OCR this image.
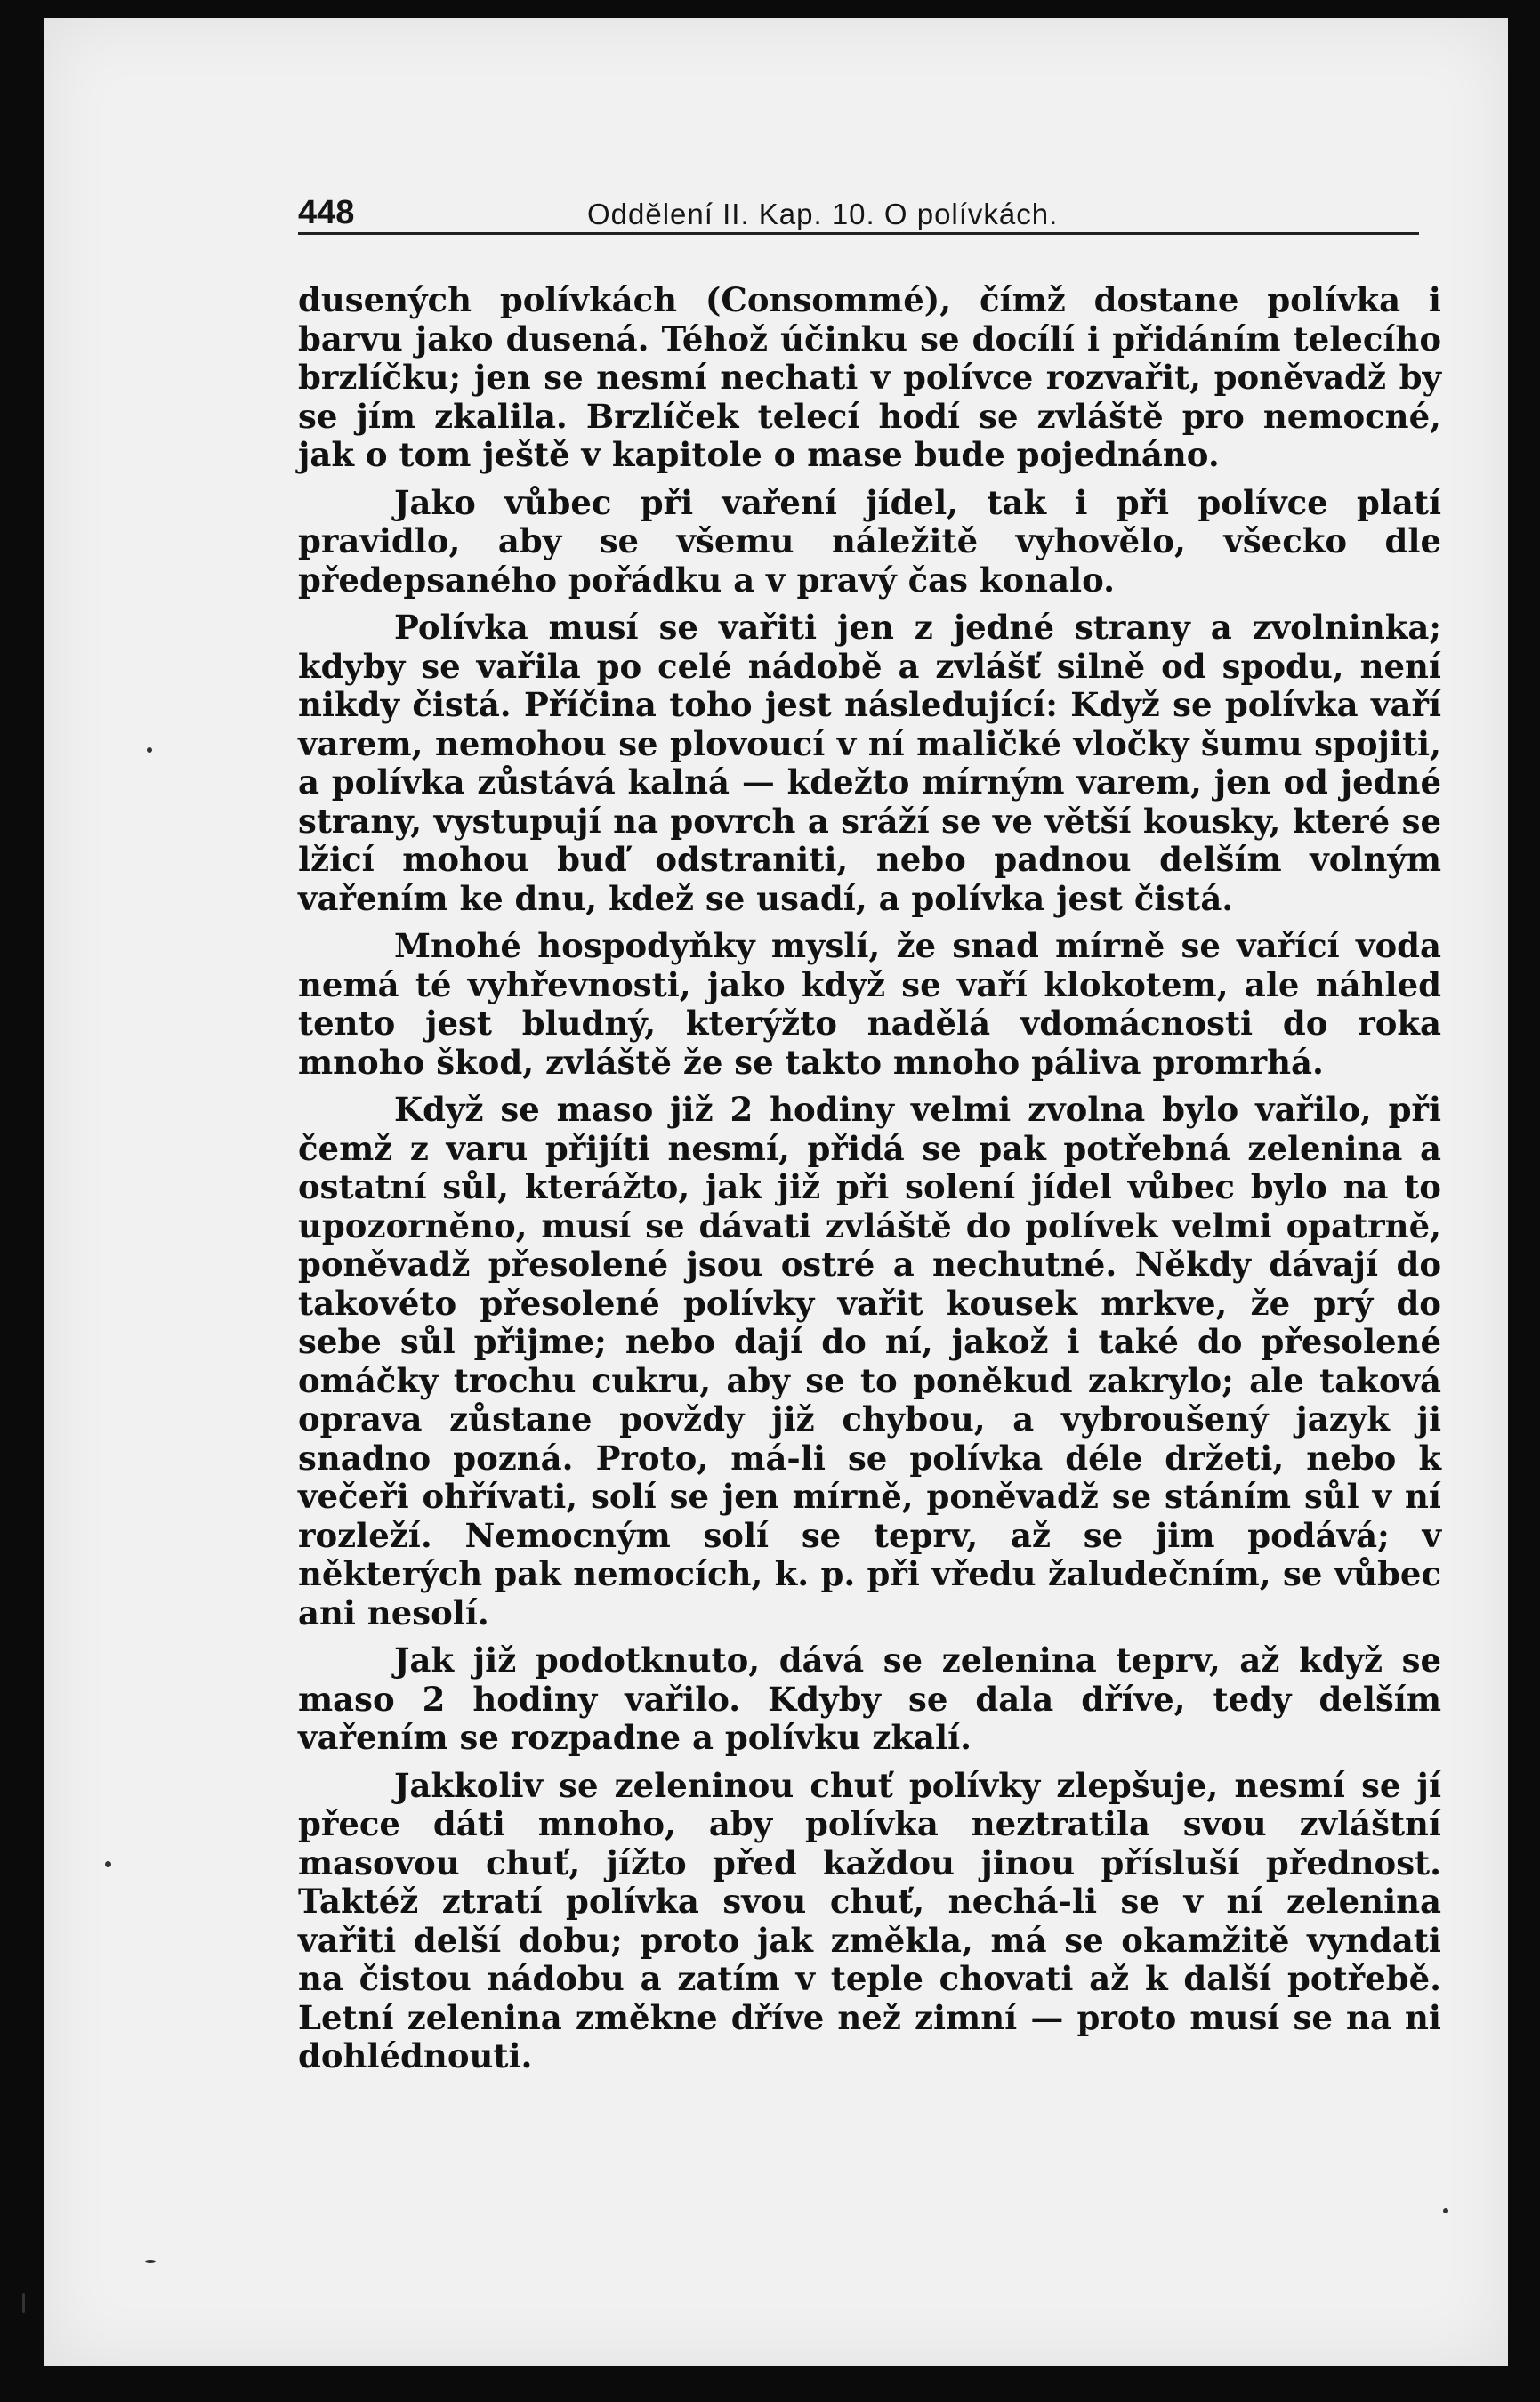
448	Oddělení II. Kap. 10. O polívkách.

dusených polívkách (Consommé), čímž dostane polívka i barvu jako dusená. Téhož účinku se docílí i přidáním telecího brzlíčku; jen se nesmí nechati v polívce rozvařit, poněvadž by se jím zkalila. Brzlíček telecí hodí se zvláště pro nemocné, jak o tom ještě v kapitole o mase bude pojednáno.

Jako vůbec při vaření jídel, tak i při polívce platí pravidlo, aby se všemu náležitě vyhovělo, všecko dle předepsaného pořádku a v pravý čas konalo.

Polívka musí se vařiti jen z jedné strany a zvolninka; kdyby se vařila po celé nádobě a zvlášť silně od spodu, není nikdy čistá. Příčina toho jest následující: Když se polívka vaří varem, nemohou se plovoucí v ní maličké vločky šumu spojiti, a polívka zůstává kalná — kdežto mírným varem, jen od jedné strany, vystupují na povrch a sráží se ve větší kousky, které se lžicí mohou buď odstraniti, nebo padnou delším volným vařením ke dnu, kdež se usadí, a polívka jest čistá.

Mnohé hospodyňky myslí, že snad mírně se vařící voda nemá té vyhřevnosti, jako když se vaří klokotem, ale náhled tento jest bludný, kterýžto nadělá vdomácnosti do roka mnoho škod, zvláště že se takto mnoho páliva promrhá.

Když se maso již 2 hodiny velmi zvolna bylo vařilo, při čemž z varu přijíti nesmí, přidá se pak potřebná zelenina a ostatní sůl, kterážto, jak již při solení jídel vůbec bylo na to upozorněno, musí se dávati zvláště do polívek velmi opatrně, poněvadž přesolené jsou ostré a nechutné. Někdy dávají do takovéto přesolené polívky vařit kousek mrkve, že prý do sebe sůl přijme; nebo dají do ní, jakož i také do přesolené omáčky trochu cukru, aby se to poněkud zakrylo; ale taková oprava zůstane povždy již chybou, a vybroušený jazyk ji snadno pozná. Proto, má-li se polívka déle držeti, nebo k večeři ohřívati, solí se jen mírně, poněvadž se stáním sůl v ní rozleží. Nemocným solí se teprv, až se jim podává; v některých pak nemocích, k. p. při vředu žaludečním, se vůbec ani nesolí.

Jak již podotknuto, dává se zelenina teprv, až když se maso 2 hodiny vařilo. Kdyby se dala dříve, tedy delším vařením se rozpadne a polívku zkalí.

Jakkoliv se zeleninou chuť polívky zlepšuje, nesmí se jí přece dáti mnoho, aby polívka neztratila svou zvláštní masovou chuť, jížto před každou jinou přísluší přednost. Taktéž ztratí polívka svou chuť, nechá-li se v ní zelenina vařiti delší dobu; proto jak změkla, má se okamžitě vyndati na čistou nádobu a zatím v teple chovati až k další potřebě. Letní zelenina změkne dříve než zimní — proto musí se na ni dohlédnouti.
